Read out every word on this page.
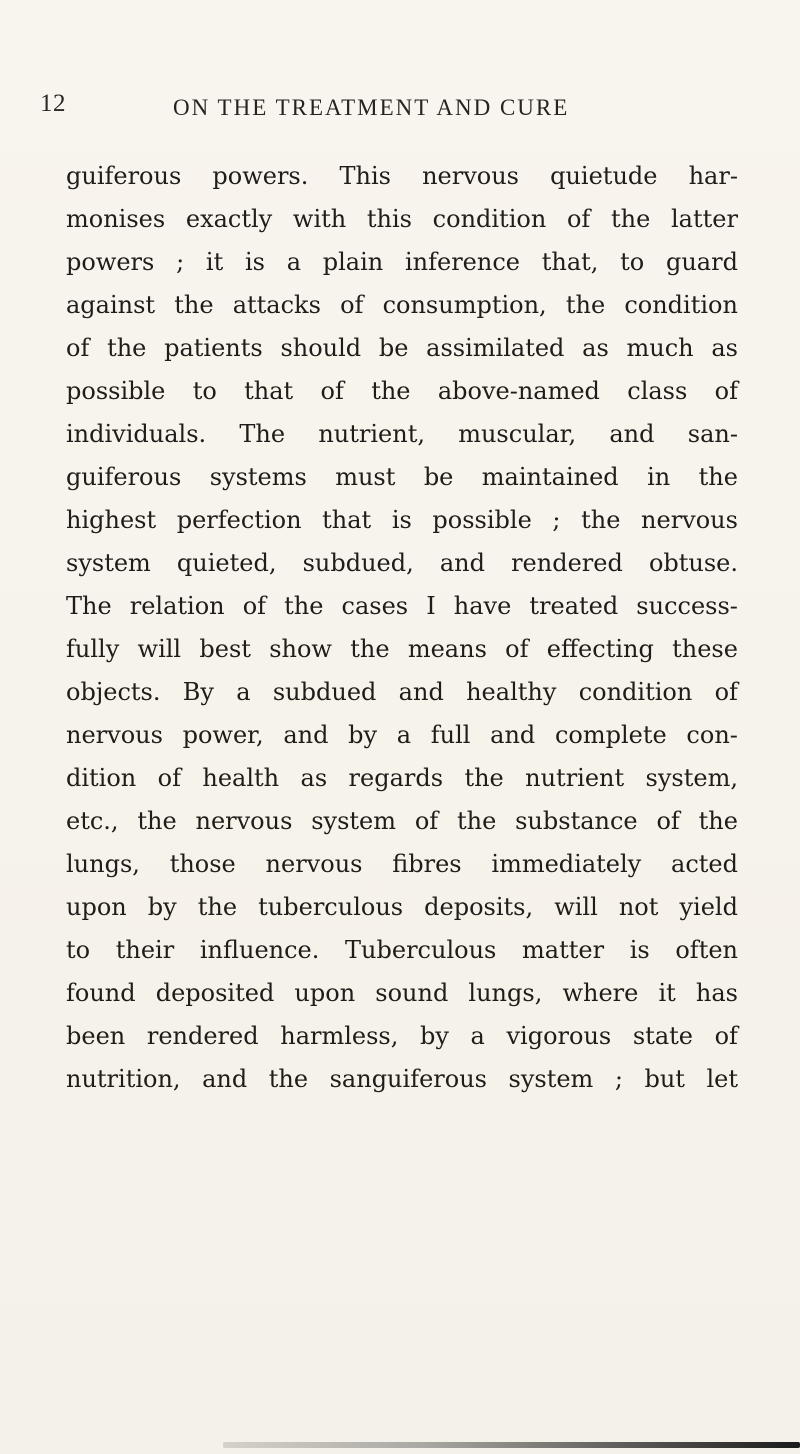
12	ON THE TREATMENT AND CURE
guiferous powers. This nervous quietude har-
monises exactly with this condition of the latter
powers ; it is a plain inference that, to guard
against the attacks of consumption, the condition
of the patients should be assimilated as much as
possible to that of the above-named class of
individuals. The nutrient, muscular, and san-
guiferous systems must be maintained in the
highest perfection that is possible ; the nervous
system quieted, subdued, and rendered obtuse.
The relation of the cases I have treated success-
fully will best show the means of effecting these
objects. By a subdued and healthy condition of
nervous power, and by a full and complete con-
dition of health as regards the nutrient system,
etc., the nervous system of the substance of the
lungs, those nervous fibres immediately acted
upon by the tuberculous deposits, will not yield
to their influence. Tuberculous matter is often
found deposited upon sound lungs, where it has
been rendered harmless, by a vigorous state of
nutrition, and the sanguiferous system ; but let
